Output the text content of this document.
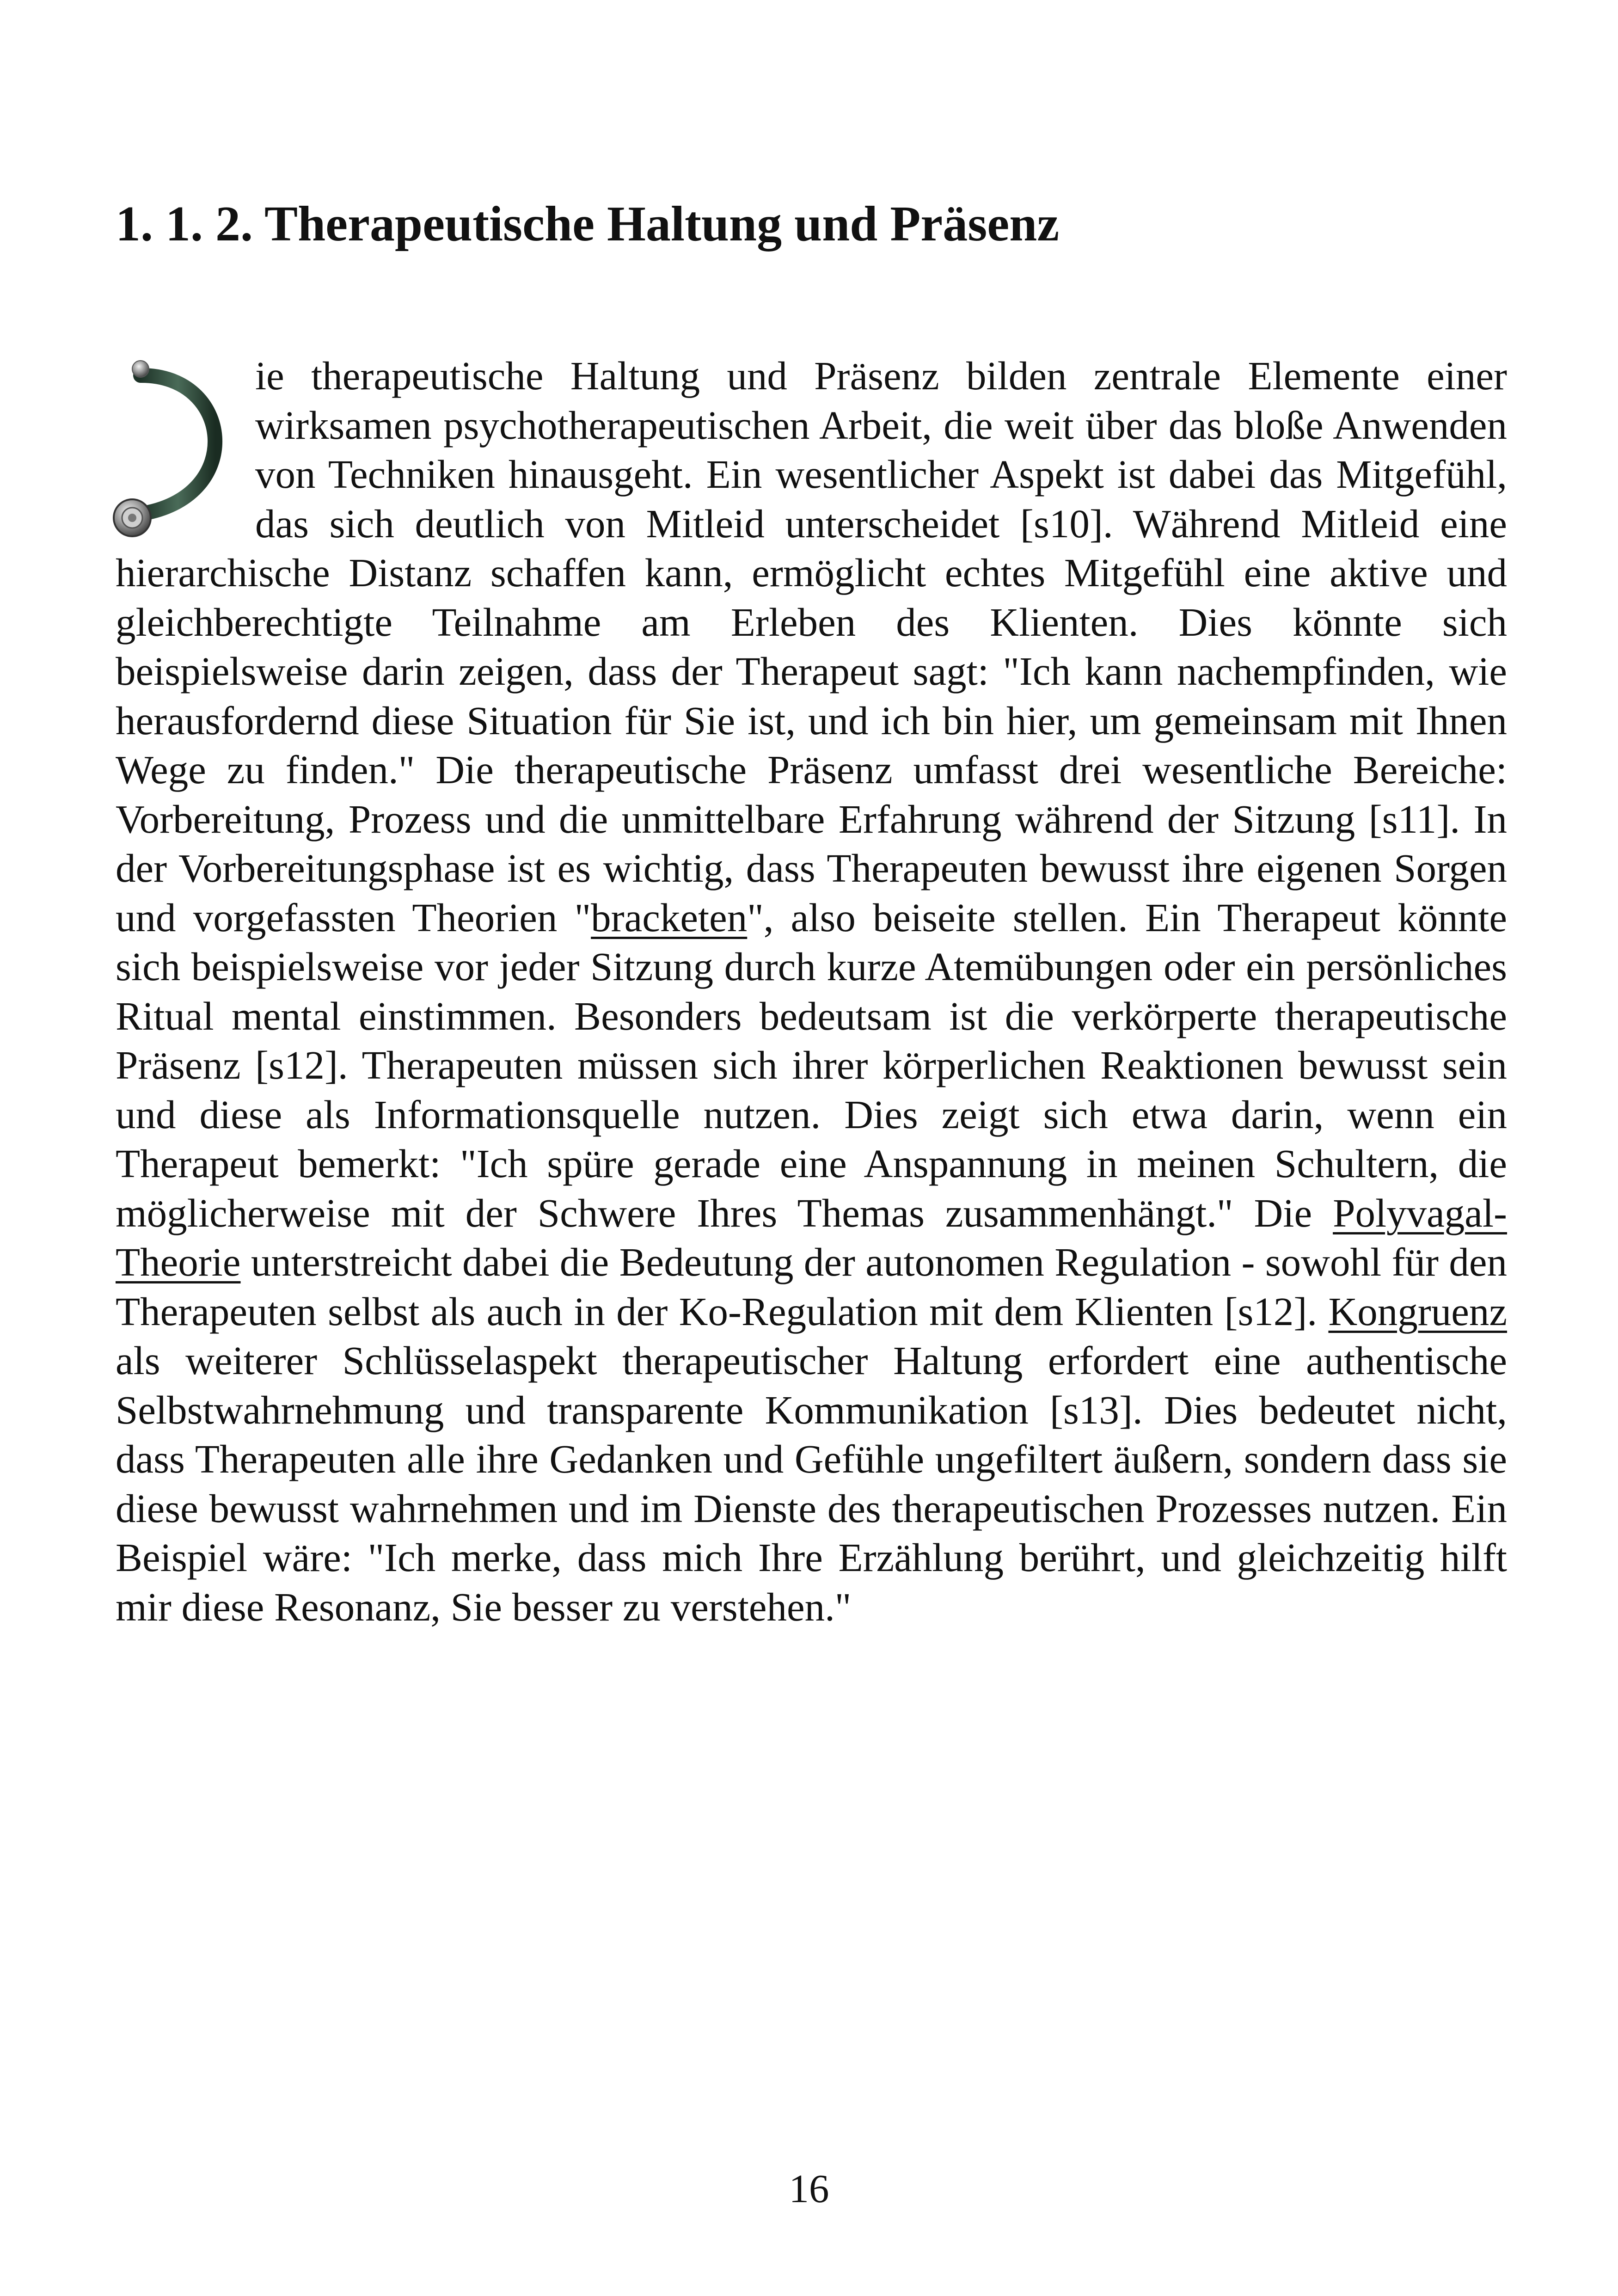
1. 1. 2. Therapeutische Haltung und Präsenz

ie therapeutische Haltung und Präsenz bilden zentrale Elemente einer wirksamen psychotherapeutischen Arbeit, die weit über das bloße Anwenden von Techniken hinausgeht. Ein wesentlicher Aspekt ist dabei das Mitgefühl, das sich deutlich von Mitleid unterscheidet [s10]. Während Mitleid eine hierarchische Distanz schaffen kann, ermöglicht echtes Mitgefühl eine aktive und gleichberechtigte Teilnahme am Erleben des Klienten. Dies könnte sich beispielsweise darin zeigen, dass der Therapeut sagt: "Ich kann nachempfinden, wie herausfordernd diese Situation für Sie ist, und ich bin hier, um gemeinsam mit Ihnen Wege zu finden." Die therapeutische Präsenz umfasst drei wesentliche Bereiche: Vorbereitung, Prozess und die unmittelbare Erfahrung während der Sitzung [s11]. In der Vorbereitungsphase ist es wichtig, dass Therapeuten bewusst ihre eigenen Sorgen und vorgefassten Theorien "bracketen", also beiseite stellen. Ein Therapeut könnte sich beispielsweise vor jeder Sitzung durch kurze Atemübungen oder ein persönliches Ritual mental einstimmen. Besonders bedeutsam ist die verkörperte therapeutische Präsenz [s12]. Therapeuten müssen sich ihrer körperlichen Reaktionen bewusst sein und diese als Informationsquelle nutzen. Dies zeigt sich etwa darin, wenn ein Therapeut bemerkt: "Ich spüre gerade eine Anspannung in meinen Schultern, die möglicherweise mit der Schwere Ihres Themas zusammenhängt." Die Polyvagal-Theorie unterstreicht dabei die Bedeutung der autonomen Regulation - sowohl für den Therapeuten selbst als auch in der Ko-Regulation mit dem Klienten [s12]. Kongruenz als weiterer Schlüsselaspekt therapeutischer Haltung erfordert eine authentische Selbstwahrnehmung und transparente Kommunikation [s13]. Dies bedeutet nicht, dass Therapeuten alle ihre Gedanken und Gefühle ungefiltert äußern, sondern dass sie diese bewusst wahrnehmen und im Dienste des therapeutischen Prozesses nutzen. Ein Beispiel wäre: "Ich merke, dass mich Ihre Erzählung berührt, und gleichzeitig hilft mir diese Resonanz, Sie besser zu verstehen."

16
